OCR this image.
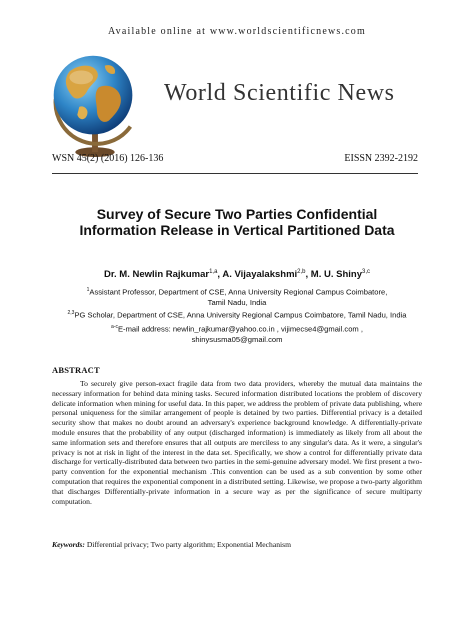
Available online at www.worldscientificnews.com
World Scientific News
WSN 45(2) (2016) 126-136	EISSN 2392-2192
Survey of Secure Two Parties Confidential
Information Release in Vertical Partitioned Data
Dr. M. Newlin Rajkumar$^{1,a}$, A. Vijayalakshmi$^{2,b}$, M. U. Shiny$^{3,c}$
$^1$Assistant Professor, Department of CSE, Anna University Regional Campus Coimbatore,
Tamil Nadu, India
$^{2,3}$PG Scholar, Department of CSE, Anna University Regional Campus Coimbatore, Tamil Nadu, India
$^{a-c}$E-mail address: newlin_rajkumar@yahoo.co.in , vijimecse4@gmail.com ,
shinysusma05@gmail.com
ABSTRACT

To securely give person-exact fragile data from two data providers, whereby the mutual data maintains the necessary information for behind data mining tasks. Secured information distributed locations the problem of discovery delicate information when mining for useful data. In this paper, we address the problem of private data publishing, where personal uniqueness for the similar arrangement of people is detained by two parties. Differential privacy is a detailed security show that makes no doubt around an adversary's experience background knowledge. A differentially-private module ensures that the probability of any output (discharged information) is immediately as likely from all about the same information sets and therefore ensures that all outputs are merciless to any singular's data. As it were, a singular's privacy is not at risk in light of the interest in the data set. Specifically, we show a control for differentially private data discharge for vertically-distributed data between two parties in the semi-genuine adversary model. We first present a two-party convention for the exponential mechanism .This convention can be used as a sub convention by some other computation that requires the exponential component in a distributed setting. Likewise, we propose a two-party algorithm that discharges Differentially-private information in a secure way as per the significance of secure multiparty computation.

Keywords: Differential privacy; Two party algorithm; Exponential Mechanism
